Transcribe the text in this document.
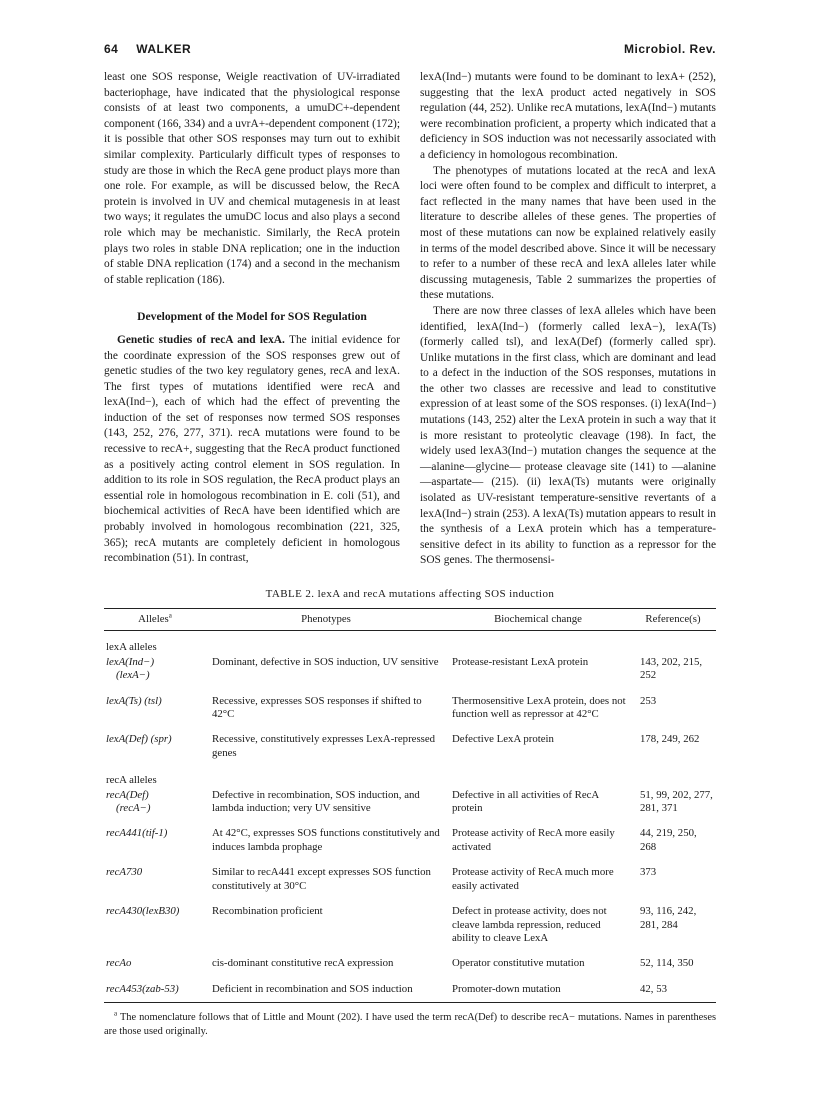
64 WALKER	Microbiol. Rev.

least one SOS response, Weigle reactivation of UV-irradiated bacteriophage, have indicated that the physiological response consists of at least two components, a umuDC+-dependent component (166, 334) and a uvrA+-dependent component (172); it is possible that other SOS responses may turn out to exhibit similar complexity. Particularly difficult types of responses to study are those in which the RecA gene product plays more than one role. For example, as will be discussed below, the RecA protein is involved in UV and chemical mutagenesis in at least two ways; it regulates the umuDC locus and also plays a second role which may be mechanistic. Similarly, the RecA protein plays two roles in stable DNA replication; one in the induction of stable DNA replication (174) and a second in the mechanism of stable replication (186).

Development of the Model for SOS Regulation

Genetic studies of recA and lexA. The initial evidence for the coordinate expression of the SOS responses grew out of genetic studies of the two key regulatory genes, recA and lexA. The first types of mutations identified were recA and lexA(Ind−), each of which had the effect of preventing the induction of the set of responses now termed SOS responses (143, 252, 276, 277, 371). recA mutations were found to be recessive to recA+, suggesting that the RecA product functioned as a positively acting control element in SOS regulation. In addition to its role in SOS regulation, the RecA product plays an essential role in homologous recombination in E. coli (51), and biochemical activities of RecA have been identified which are probably involved in homologous recombination (221, 325, 365); recA mutants are completely deficient in homologous recombination (51). In contrast,

lexA(Ind−) mutants were found to be dominant to lexA+ (252), suggesting that the lexA product acted negatively in SOS regulation (44, 252). Unlike recA mutations, lexA(Ind−) mutants were recombination proficient, a property which indicated that a deficiency in SOS induction was not necessarily associated with a deficiency in homologous recombination.

The phenotypes of mutations located at the recA and lexA loci were often found to be complex and difficult to interpret, a fact reflected in the many names that have been used in the literature to describe alleles of these genes. The properties of most of these mutations can now be explained relatively easily in terms of the model described above. Since it will be necessary to refer to a number of these recA and lexA alleles later while discussing mutagenesis, Table 2 summarizes the properties of these mutations.

There are now three classes of lexA alleles which have been identified, lexA(Ind−) (formerly called lexA−), lexA(Ts) (formerly called tsl), and lexA(Def) (formerly called spr). Unlike mutations in the first class, which are dominant and lead to a defect in the induction of the SOS responses, mutations in the other two classes are recessive and lead to constitutive expression of at least some of the SOS responses. (i) lexA(Ind−) mutations (143, 252) alter the LexA protein in such a way that it is more resistant to proteolytic cleavage (198). In fact, the widely used lexA3(Ind−) mutation changes the sequence at the —alanine—glycine— protease cleavage site (141) to —alanine—aspartate— (215). (ii) lexA(Ts) mutants were originally isolated as UV-resistant temperature-sensitive revertants of a lexA(Ind−) strain (253). A lexA(Ts) mutation appears to result in the synthesis of a LexA protein which has a temperature-sensitive defect in its ability to function as a repressor for the SOS genes. The thermosensi-

TABLE 2. lexA and recA mutations affecting SOS induction
Alleles$^a$	Phenotypes	Biochemical change	Reference(s)
lexA alleles			

lexA(Ind−)
(lexA−)	Dominant, defective in SOS induction, UV sensitive	Protease-resistant LexA protein	143, 202, 215, 252
lexA(Ts) (tsl)	Recessive, expresses SOS responses if shifted to 42°C	Thermosensitive LexA protein, does not function well as repressor at 42°C	253
lexA(Def) (spr)	Recessive, constitutively expresses LexA-repressed genes	Defective LexA protein	178, 249, 262
recA alleles			

recA(Def)
(recA−)	Defective in recombination, SOS induction, and lambda induction; very UV sensitive	Defective in all activities of RecA protein	51, 99, 202, 277, 281, 371
recA441(tif-1)	At 42°C, expresses SOS functions constitutively and induces lambda prophage	Protease activity of RecA more easily activated	44, 219, 250, 268
recA730	Similar to recA441 except expresses SOS function constitutively at 30°C	Protease activity of RecA much more easily activated	373
recA430(lexB30)	Recombination proficient	Defect in protease activity, does not cleave lambda repression, reduced ability to cleave LexA	93, 116, 242, 281, 284
recAo	cis-dominant constitutive recA expression	Operator constitutive mutation	52, 114, 350
recA453(zab-53)	Deficient in recombination and SOS induction	Promoter-down mutation	42, 53

$^a$ The nomenclature follows that of Little and Mount (202). I have used the term recA(Def) to describe recA− mutations. Names in parentheses are those used originally.
